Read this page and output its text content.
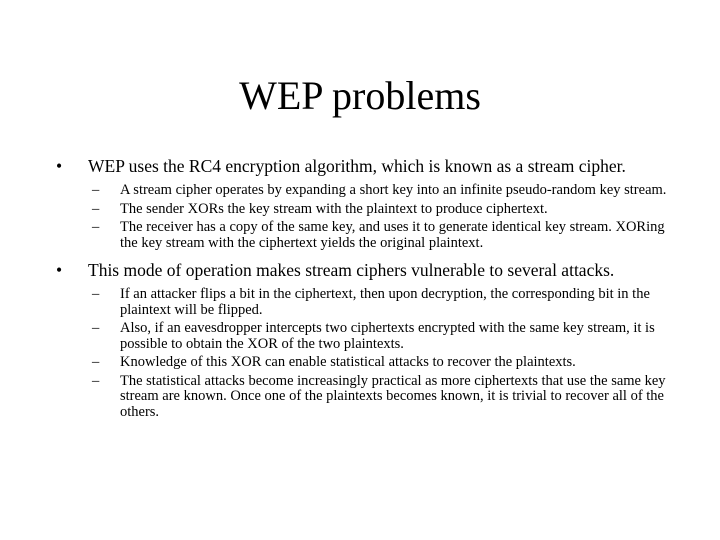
WEP problems
•	WEP uses the RC4 encryption algorithm, which is known as a stream cipher.
–	A stream cipher operates by expanding a short key into an infinite pseudo-random key stream.
–	The sender XORs the key stream with the plaintext to produce ciphertext.
–	The receiver has a copy of the same key, and uses it to generate identical key stream. XORing the key stream with the ciphertext yields the original plaintext.
•	This mode of operation makes stream ciphers vulnerable to several attacks.
–	If an attacker flips a bit in the ciphertext, then upon decryption, the corresponding bit in the plaintext will be flipped.
–	Also, if an eavesdropper intercepts two ciphertexts encrypted with the same key stream, it is possible to obtain the XOR of the two plaintexts.
–	Knowledge of this XOR can enable statistical attacks to recover the plaintexts.
–	The statistical attacks become increasingly practical as more ciphertexts that use the same key stream are known. Once one of the plaintexts becomes known, it is trivial to recover all of the others.
